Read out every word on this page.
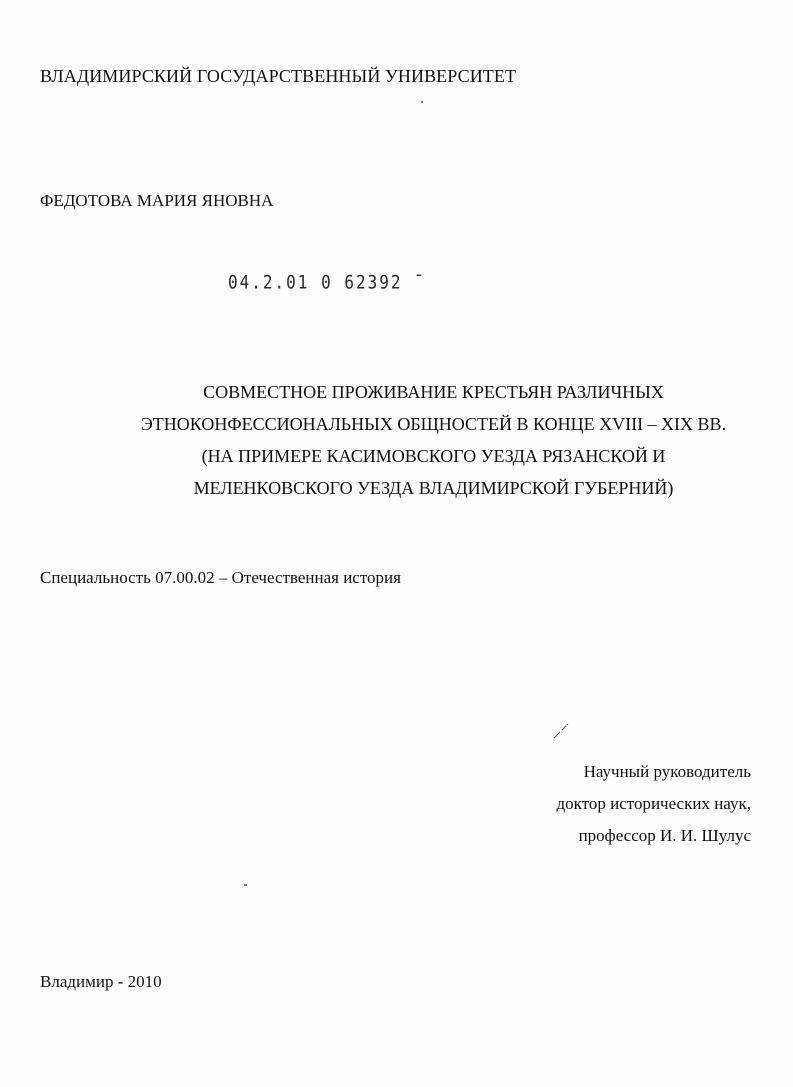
ВЛАДИМИРСКИЙ ГОСУДАРСТВЕННЫЙ УНИВЕРСИТЕТ
ФЕДОТОВА МАРИЯ ЯНОВНА
04.2.01 0 62392 ˉ
СОВМЕСТНОЕ ПРОЖИВАНИЕ КРЕСТЬЯН РАЗЛИЧНЫХ
ЭТНОКОНФЕССИОНАЛЬНЫХ ОБЩНОСТЕЙ В КОНЦЕ XVIII – XIX ВВ.
(НА ПРИМЕРЕ КАСИМОВСКОГО УЕЗДА РЯЗАНСКОЙ И
МЕЛЕНКОВСКОГО УЕЗДА ВЛАДИМИРСКОЙ ГУБЕРНИЙ)
Специальность 07.00.02 – Отечественная история
Научный руководитель
доктор исторических наук,
профессор И. И. Шулус
Владимир - 2010
